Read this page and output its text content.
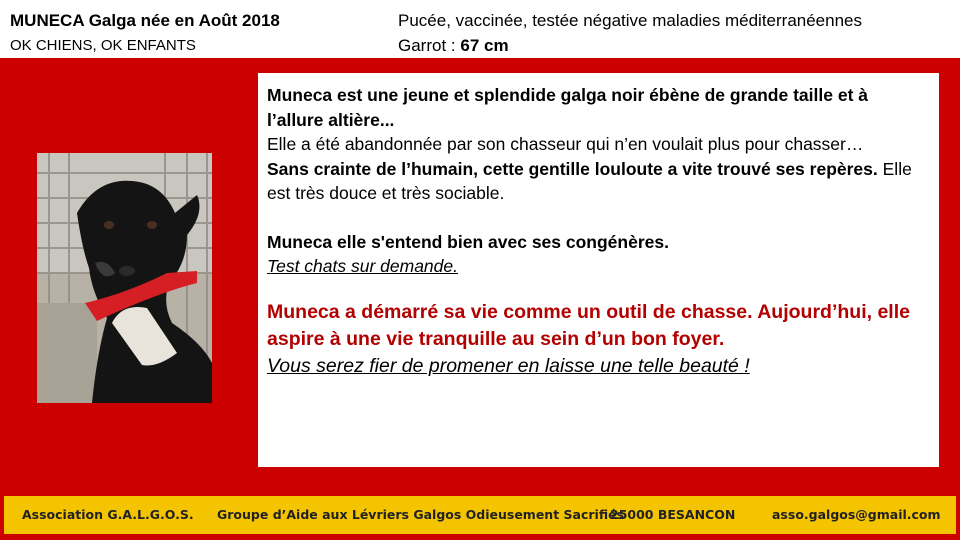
MUNECA Galga née en Août 2018
OK CHIENS, OK ENFANTS
Pucée, vaccinée, testée négative maladies méditerranéennes
Garrot : 67 cm
Muneca est une jeune et splendide galga noir ébène de grande taille et à l’allure altière...
Elle a été abandonnée par son chasseur qui n’en voulait plus pour chasser…
Sans crainte de l’humain, cette gentille louloute a vite trouvé ses repères. Elle est très douce et très sociable.
Muneca elle s'entend bien avec ses congénères.
Test chats sur demande.
Muneca a démarré sa vie comme un outil de chasse. Aujourd’hui, elle aspire à une vie tranquille au sein d’un bon foyer.
Vous serez fier de promener en laisse une telle beauté !
Association G.A.L.G.O.S. Groupe d’Aide aux Lévriers Galgos Odieusement Sacrifiés
25000 BESANCON	asso.galgos@gmail.com
